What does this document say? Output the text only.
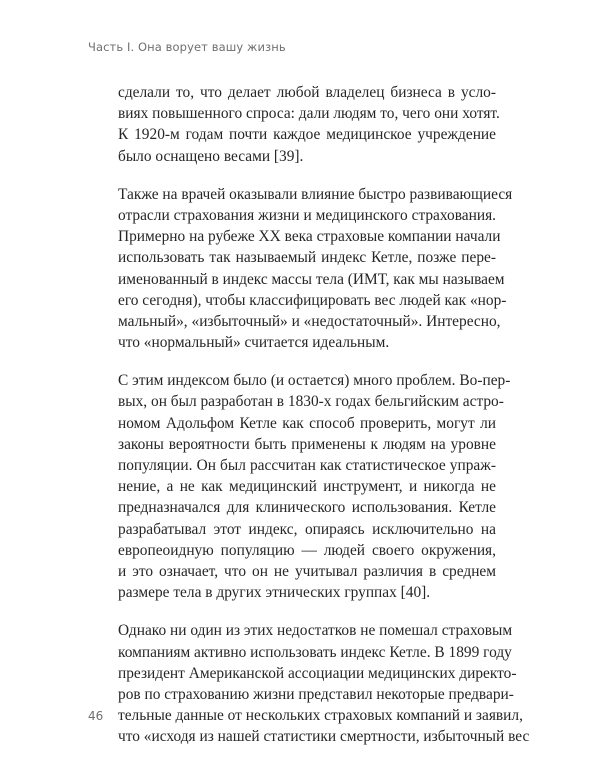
Часть I. Она ворует вашу жизнь
сделали то, что делает любой владелец бизнеса в усло-
виях повышенного спроса: дали людям то, чего они хотят.
К 1920-м годам почти каждое медицинское учреждение
было оснащено весами [39].
Также на врачей оказывали влияние быстро развивающиеся
отрасли страхования жизни и медицинского страхования.
Примерно на рубеже XX века страховые компании начали
использовать так называемый индекс Кетле, позже пере-
именованный в индекс массы тела (ИМТ, как мы называем
его сегодня), чтобы классифицировать вес людей как «нор-
мальный», «избыточный» и «недостаточный». Интересно,
что «нормальный» считается идеальным.
С этим индексом было (и остается) много проблем. Во-пер-
вых, он был разработан в 1830-х годах бельгийским астро-
номом Адольфом Кетле как способ проверить, могут ли
законы вероятности быть применены к людям на уровне
популяции. Он был рассчитан как статистическое упраж-
нение, а не как медицинский инструмент, и никогда не
предназначался для клинического использования. Кетле
разрабатывал этот индекс, опираясь исключительно на
европеоидную популяцию — людей своего окружения,
и это означает, что он не учитывал различия в среднем
размере тела в других этнических группах [40].
Однако ни один из этих недостатков не помешал страховым
компаниям активно использовать индекс Кетле. В 1899 году
президент Американской ассоциации медицинских директо-
ров по страхованию жизни представил некоторые предвари-
тельные данные от нескольких страховых компаний и заявил,
что «исходя из нашей статистики смертности, избыточный вес
46
